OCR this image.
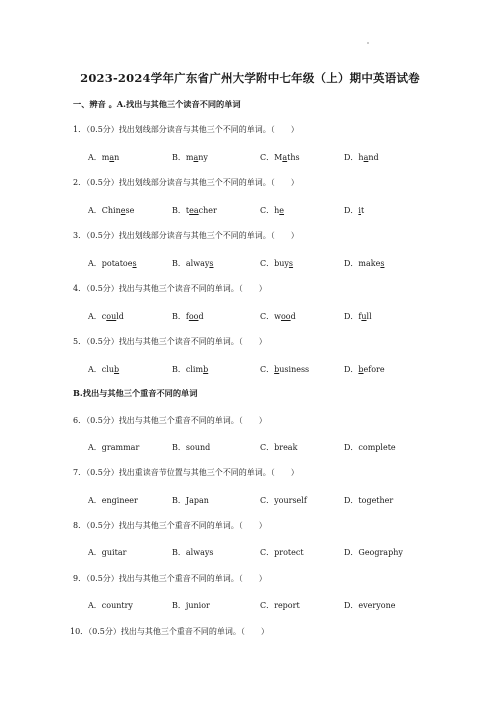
2023-2024学年广东省广州大学附中七年级（上）期中英语试卷
一、辨音 。A.找出与其他三个读音不同的单词
B.找出与其他三个重音不同的单词
1．（0.5分）找出划线部分读音与其他三个不同的单词。（　　）
A．man	B．many	C．Maths	D．hand
2．（0.5分）找出划线部分读音与其他三个不同的单词。（　　）
A．Chinese	B．teacher	C．he	D．it
3．（0.5分）找出划线部分读音与其他三个不同的单词。（　　）
A．potatoes	B．always	C．buys	D．makes
4．（0.5分）找出与其他三个读音不同的单词。（　　）
A．could	B．food	C．wood	D．full
5．（0.5分）找出与其他三个读音不同的单词。（　　）
A．club	B．climb	C．business	D．before
6．（0.5分）找出与其他三个重音不同的单词。（　　）
A．grammar	B．sound	C．break	D．complete
7．（0.5分）找出重读音节位置与其他三个不同的单词。（　　）
A．engineer	B．Japan	C．yourself	D．together
8．（0.5分）找出与其他三个重音不同的单词。（　　）
A．guitar	B．always	C．protect	D．Geography
9．（0.5分）找出与其他三个重音不同的单词。（　　）
A．country	B．junior	C．report	D．everyone
10．（0.5分）找出与其他三个重音不同的单词。（　　）
